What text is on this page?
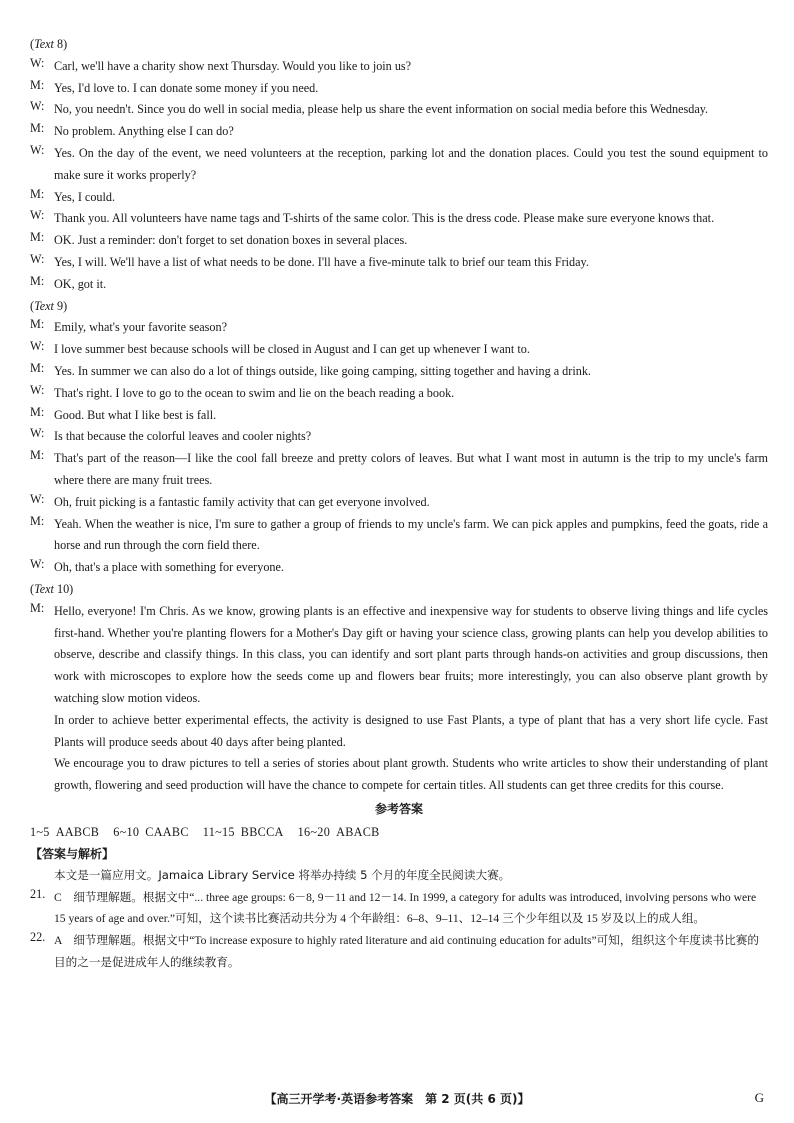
(Text 8)
W: Carl, we'll have a charity show next Thursday. Would you like to join us?
M: Yes, I'd love to. I can donate some money if you need.
W: No, you needn't. Since you do well in social media, please help us share the event information on social media before this Wednesday.
M: No problem. Anything else I can do?
W: Yes. On the day of the event, we need volunteers at the reception, parking lot and the donation places. Could you test the sound equipment to make sure it works properly?
M: Yes, I could.
W: Thank you. All volunteers have name tags and T-shirts of the same color. This is the dress code. Please make sure everyone knows that.
M: OK. Just a reminder: don't forget to set donation boxes in several places.
W: Yes, I will. We'll have a list of what needs to be done. I'll have a five-minute talk to brief our team this Friday.
M: OK, got it.
(Text 9)
M: Emily, what's your favorite season?
W: I love summer best because schools will be closed in August and I can get up whenever I want to.
M: Yes. In summer we can also do a lot of things outside, like going camping, sitting together and having a drink.
W: That's right. I love to go to the ocean to swim and lie on the beach reading a book.
M: Good. But what I like best is fall.
W: Is that because the colorful leaves and cooler nights?
M: That's part of the reason—I like the cool fall breeze and pretty colors of leaves. But what I want most in autumn is the trip to my uncle's farm where there are many fruit trees.
W: Oh, fruit picking is a fantastic family activity that can get everyone involved.
M: Yeah. When the weather is nice, I'm sure to gather a group of friends to my uncle's farm. We can pick apples and pumpkins, feed the goats, ride a horse and run through the corn field there.
W: Oh, that's a place with something for everyone.
(Text 10)
M: Hello, everyone! I'm Chris. As we know, growing plants is an effective and inexpensive way for students to observe living things and life cycles first-hand. Whether you're planting flowers for a Mother's Day gift or having your science class, growing plants can help you develop abilities to observe, describe and classify things. In this class, you can identify and sort plant parts through hands-on activities and group discussions, then work with microscopes to explore how the seeds come up and flowers bear fruits; more interestingly, you can also observe plant growth by watching slow motion videos.
In order to achieve better experimental effects, the activity is designed to use Fast Plants, a type of plant that has a very short life cycle. Fast Plants will produce seeds about 40 days after being planted.
We encourage you to draw pictures to tell a series of stories about plant growth. Students who write articles to show their understanding of plant growth, flowering and seed production will have the chance to compete for certain titles. All students can get three credits for this course.
参考答案
1~5 AABCB 6~10 CAABC 11~15 BBCCA 16~20 ABACB
【答案与解析】
本文是一篇应用文。Jamaica Library Service 将举办持续 5 个月的年度全民阅读大赛。
21. C　细节理解题。根据文中“... three age groups: 6－8, 9－11 and 12－14. In 1999, a category for adults was introduced, involving persons who were 15 years of age and over.”可知，这个读书比赛活动共分为 4 个年龄组：6–8、9–11、12–14 三个少年组以及 15 岁及以上的成人组。
22. A　细节理解题。根据文中“To increase exposure to highly rated literature and aid continuing education for adults”可知，组织这个年度读书比赛的目的之一是促进成年人的继续教育。
【高三开学考·英语参考答案　第 2 页(共 6 页)】	G
